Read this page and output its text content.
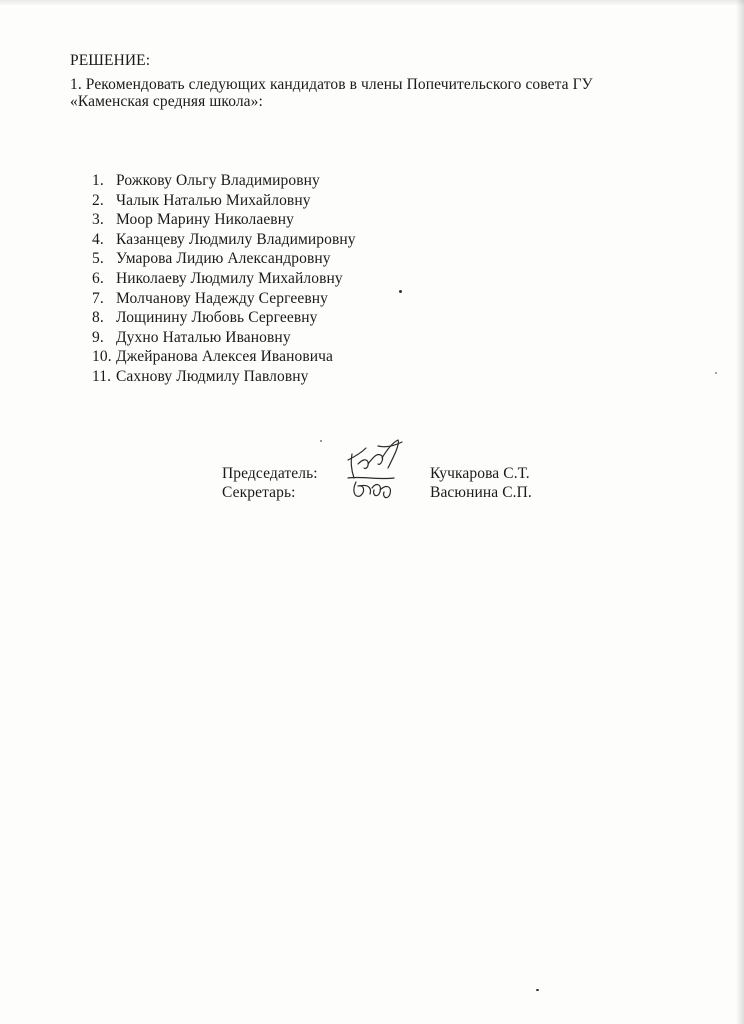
РЕШЕНИЕ:
1. Рекомендовать следующих кандидатов в члены Попечительского совета ГУ
«Каменская средняя школа»:
1. Рожкову Ольгу Владимировну
2. Чалык Наталью Михайловну
3. Моор Марину Николаевну
4. Казанцеву Людмилу Владимировну
5. Умарова Лидию Александровну
6. Николаеву Людмилу Михайловну
7. Молчанову Надежду Сергеевну
8. Лощинину Любовь Сергеевну
9. Духно Наталью Ивановну
10. Джейранова Алексея Ивановича
11. Сахнову Людмилу Павловну
Председатель:	Кучкарова С.Т.
Секретарь:	Васюнина С.П.
